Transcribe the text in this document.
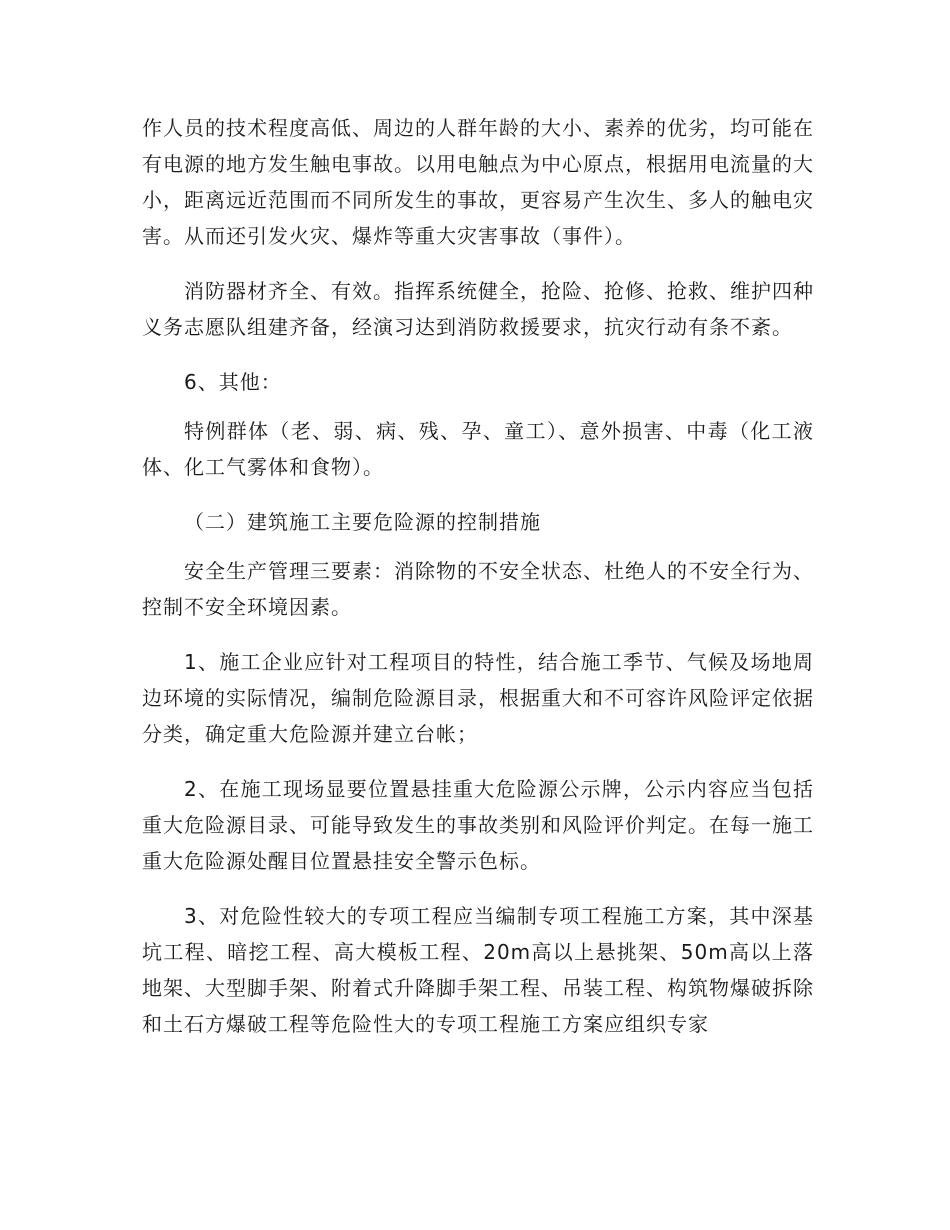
作人员的技术程度高低、周边的人群年龄的大小、素养的优劣，均可能在有电源的地方发生触电事故。以用电触点为中心原点，根据用电流量的大小，距离远近范围而不同所发生的事故，更容易产生次生、多人的触电灾害。从而还引发火灾、爆炸等重大灾害事故（事件）。

消防器材齐全、有效。指挥系统健全，抢险、抢修、抢救、维护四种义务志愿队组建齐备，经演习达到消防救援要求，抗灾行动有条不紊。

6、其他：

特例群体（老、弱、病、残、孕、童工）、意外损害、中毒（化工液体、化工气雾体和食物）。

（二）建筑施工主要危险源的控制措施

安全生产管理三要素：消除物的不安全状态、杜绝人的不安全行为、控制不安全环境因素。

1、施工企业应针对工程项目的特性，结合施工季节、气候及场地周边环境的实际情况，编制危险源目录，根据重大和不可容许风险评定依据分类，确定重大危险源并建立台帐；

2、在施工现场显要位置悬挂重大危险源公示牌，公示内容应当包括重大危险源目录、可能导致发生的事故类别和风险评价判定。在每一施工重大危险源处醒目位置悬挂安全警示色标。

3、对危险性较大的专项工程应当编制专项工程施工方案，其中深基坑工程、暗挖工程、高大模板工程、20m高以上悬挑架、50m高以上落地架、大型脚手架、附着式升降脚手架工程、吊装工程、构筑物爆破拆除和土石方爆破工程等危险性大的专项工程施工方案应组织专家
